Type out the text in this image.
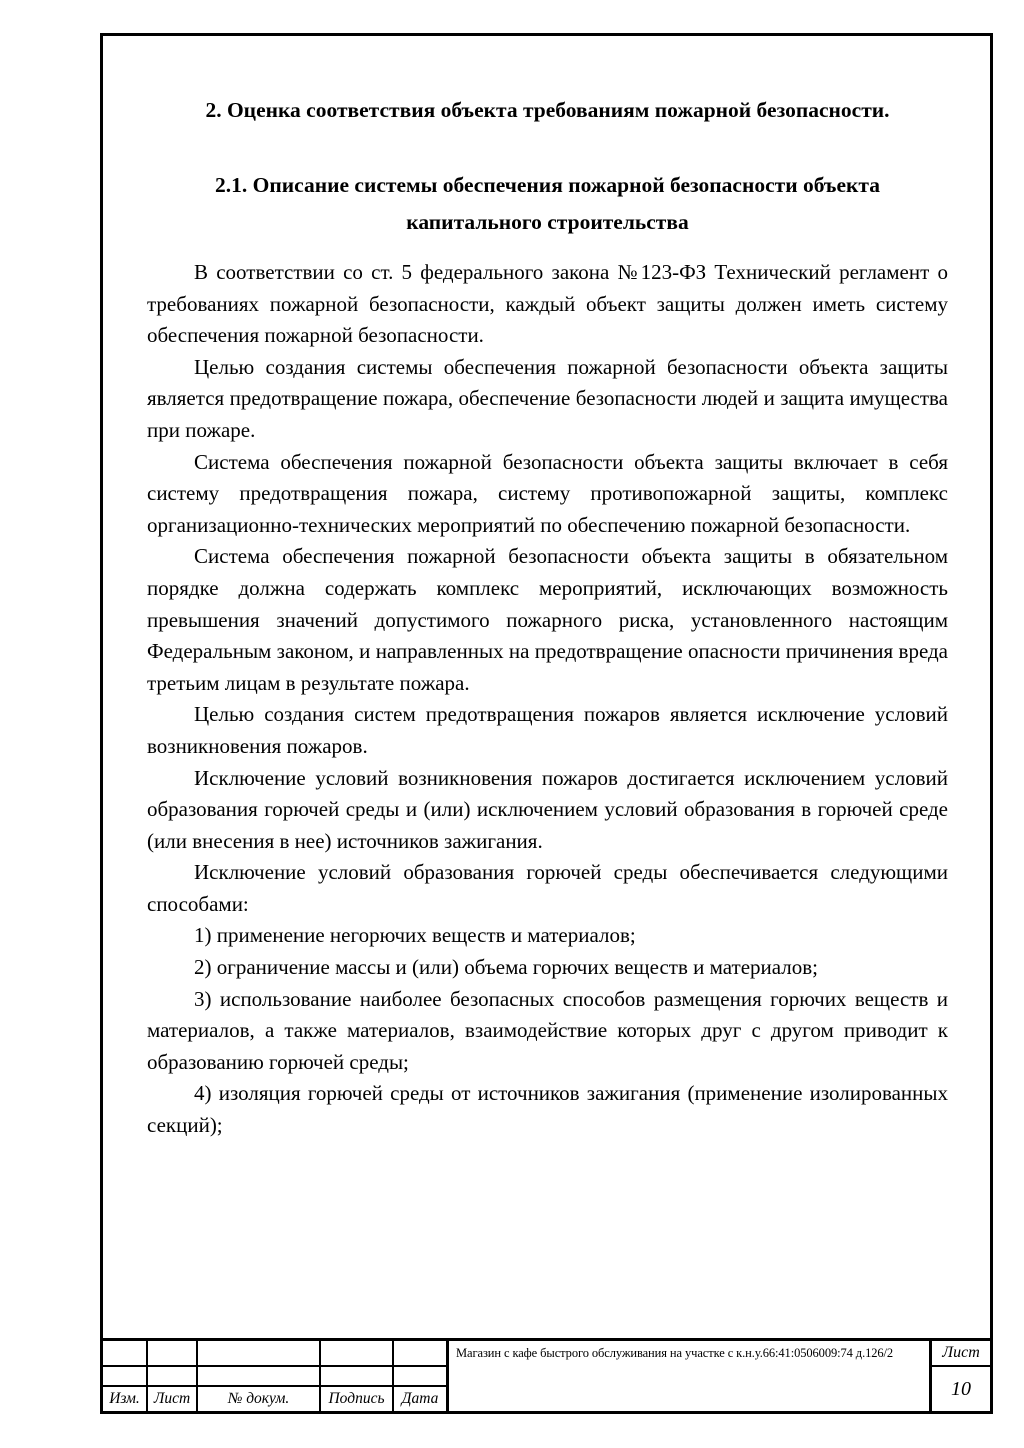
2. Оценка соответствия объекта требованиям пожарной безопасности.
2.1. Описание системы обеспечения пожарной безопасности объекта
капитального строительства

В соответствии со ст. 5 федерального закона №123-ФЗ Технический регламент о требованиях пожарной безопасности, каждый объект защиты должен иметь систему обеспечения пожарной безопасности.

Целью создания системы обеспечения пожарной безопасности объекта защиты является предотвращение пожара, обеспечение безопасности людей и защита имущества при пожаре.

Система обеспечения пожарной безопасности объекта защиты включает в себя систему предотвращения пожара, систему противопожарной защиты, комплекс организационно-технических мероприятий по обеспечению пожарной безопасности.

Система обеспечения пожарной безопасности объекта защиты в обязательном порядке должна содержать комплекс мероприятий, исключающих возможность превышения значений допустимого пожарного риска, установленного настоящим Федеральным законом, и направленных на предотвращение опасности причинения вреда третьим лицам в результате пожара.

Целью создания систем предотвращения пожаров является исключение условий возникновения пожаров.

Исключение условий возникновения пожаров достигается исключением условий образования горючей среды и (или) исключением условий образования в горючей среде (или внесения в нее) источников зажигания.

Исключение условий образования горючей среды обеспечивается следующими способами:

1) применение негорючих веществ и материалов;

2) ограничение массы и (или) объема горючих веществ и материалов;

3) использование наиболее безопасных способов размещения горючих веществ и материалов, а также материалов, взаимодействие которых друг с другом приводит к образованию горючей среды;

4) изоляция горючей среды от источников зажигания (применение изолированных секций);

Изм. Лист	№ докум.	Подпись	Дата
Магазин с кафе быстрого обслуживания на участке с к.н.у.66:41:0506009:74 д.126/2	Лист
10
